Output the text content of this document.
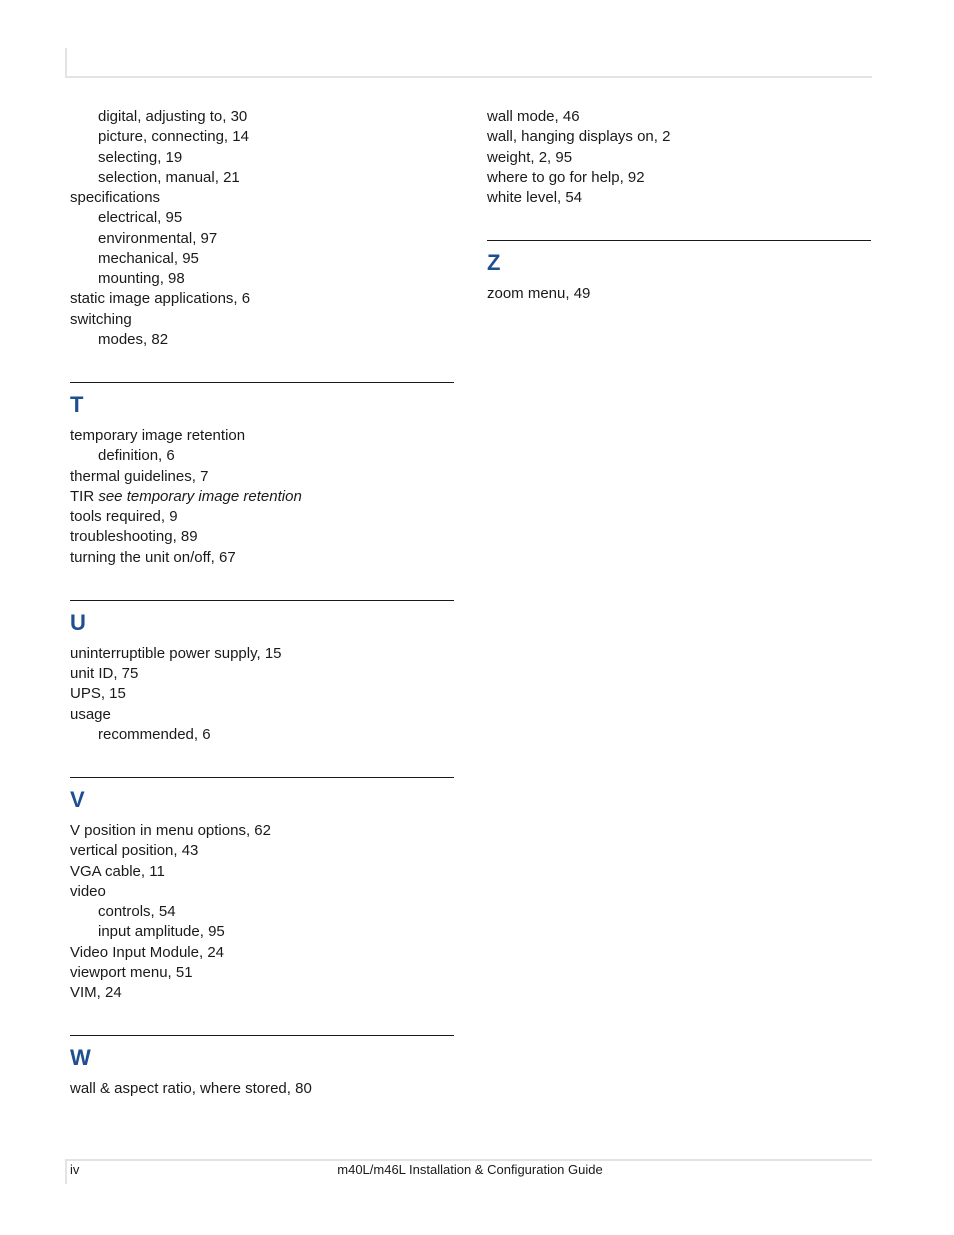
digital, adjusting to, 30
picture, connecting, 14
selecting, 19
selection, manual, 21
specifications
electrical, 95
environmental, 97
mechanical, 95
mounting, 98
static image applications, 6
switching
modes, 82
T
temporary image retention
definition, 6
thermal guidelines, 7
TIR see temporary image retention
tools required, 9
troubleshooting, 89
turning the unit on/off, 67
U
uninterruptible power supply, 15
unit ID, 75
UPS, 15
usage
recommended, 6
V
V position in menu options, 62
vertical position, 43
VGA cable, 11
video
controls, 54
input amplitude, 95
Video Input Module, 24
viewport menu, 51
VIM, 24
W
wall & aspect ratio, where stored, 80
wall mode, 46
wall, hanging displays on, 2
weight, 2, 95
where to go for help, 92
white level, 54
Z
zoom menu, 49
iv	m40L/m46L Installation & Configuration Guide
